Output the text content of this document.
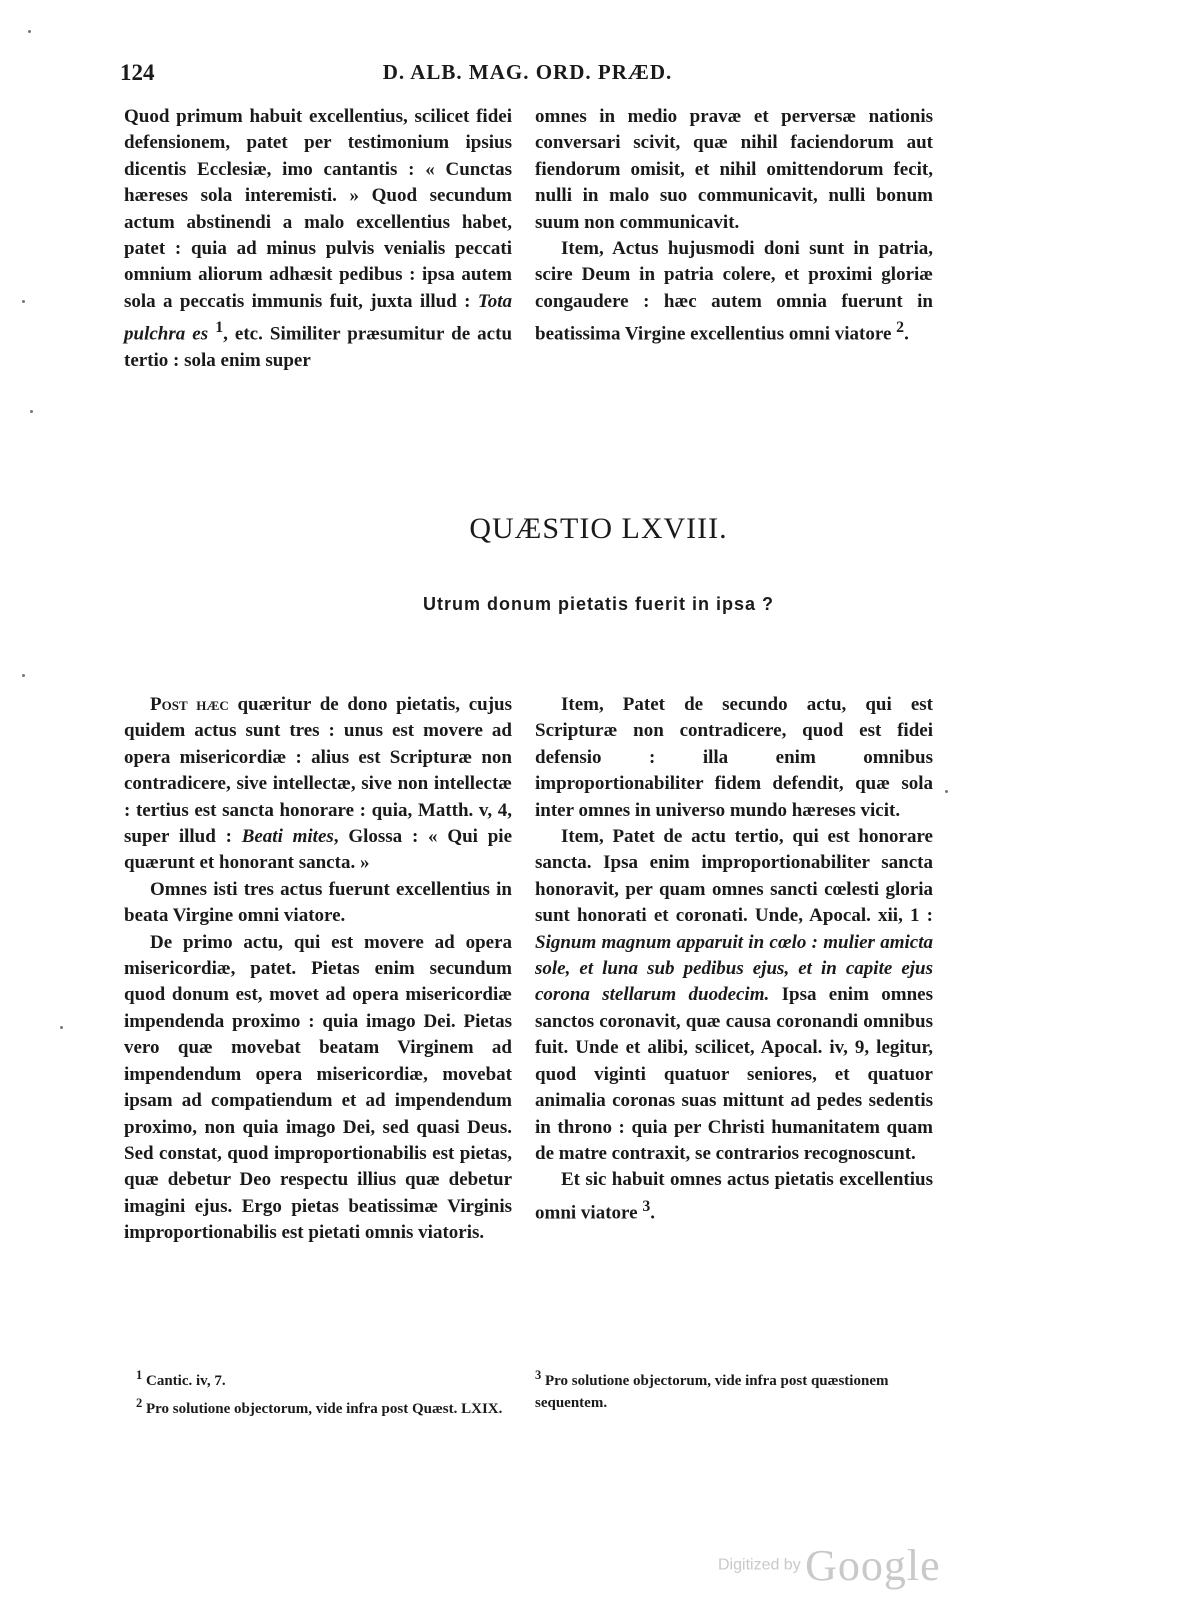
124	D. ALB. MAG. ORD. PRÆD.

Quod primum habuit excellentius, scilicet fidei defensionem, patet per testimonium ipsius dicentis Ecclesiæ, imo cantantis : « Cunctas hæreses sola interemisti. » Quod secundum actum abstinendi a malo excellentius habet, patet : quia ad minus pulvis venialis peccati omnium aliorum adhæsit pedibus : ipsa autem sola a peccatis immunis fuit, juxta illud : Tota pulchra es $^1$, etc. Similiter præsumitur de actu tertio : sola enim super

omnes in medio pravæ et perversæ nationis conversari scivit, quæ nihil faciendorum aut fiendorum omisit, et nihil omittendorum fecit, nulli in malo suo communicavit, nulli bonum suum non communicavit.

Item, Actus hujusmodi doni sunt in patria, scire Deum in patria colere, et proximi gloriæ congaudere : hæc autem omnia fuerunt in beatissima Virgine excellentius omni viatore $^2$.

QUÆSTIO LXVIII.
Utrum donum pietatis fuerit in ipsa ?

Post hæc quæritur de dono pietatis, cujus quidem actus sunt tres : unus est movere ad opera misericordiæ : alius est Scripturæ non contradicere, sive intellectæ, sive non intellectæ : tertius est sancta honorare : quia, Matth. v, 4, super illud : Beati mites, Glossa : « Qui pie quærunt et honorant sancta. »

Omnes isti tres actus fuerunt excellentius in beata Virgine omni viatore.

De primo actu, qui est movere ad opera misericordiæ, patet. Pietas enim secundum quod donum est, movet ad opera misericordiæ impendenda proximo : quia imago Dei. Pietas vero quæ movebat beatam Virginem ad impendendum opera misericordiæ, movebat ipsam ad compatiendum et ad impendendum proximo, non quia imago Dei, sed quasi Deus. Sed constat, quod improportionabilis est pietas, quæ debetur Deo respectu illius quæ debetur imagini ejus. Ergo pietas beatissimæ Virginis improportionabilis est pietati omnis viatoris.

Item, Patet de secundo actu, qui est Scripturæ non contradicere, quod est fidei defensio : illa enim omnibus improportionabiliter fidem defendit, quæ sola inter omnes in universo mundo hæreses vicit.

Item, Patet de actu tertio, qui est honorare sancta. Ipsa enim improportionabiliter sancta honoravit, per quam omnes sancti cœlesti gloria sunt honorati et coronati. Unde, Apocal. xii, 1 : Signum magnum apparuit in cœlo : mulier amicta sole, et luna sub pedibus ejus, et in capite ejus corona stellarum duodecim. Ipsa enim omnes sanctos coronavit, quæ causa coronandi omnibus fuit. Unde et alibi, scilicet, Apocal. iv, 9, legitur, quod viginti quatuor seniores, et quatuor animalia coronas suas mittunt ad pedes sedentis in throno : quia per Christi humanitatem quam de matre contraxit, se contrarios recognoscunt.

Et sic habuit omnes actus pietatis excellentius omni viatore $^3$.

$^1$ Cantic. iv, 7.

$^2$ Pro solutione objectorum, vide infra post Quæst. LXIX.

$^3$ Pro solutione objectorum, vide infra post quæstionem sequentem.

Digitized by Google
